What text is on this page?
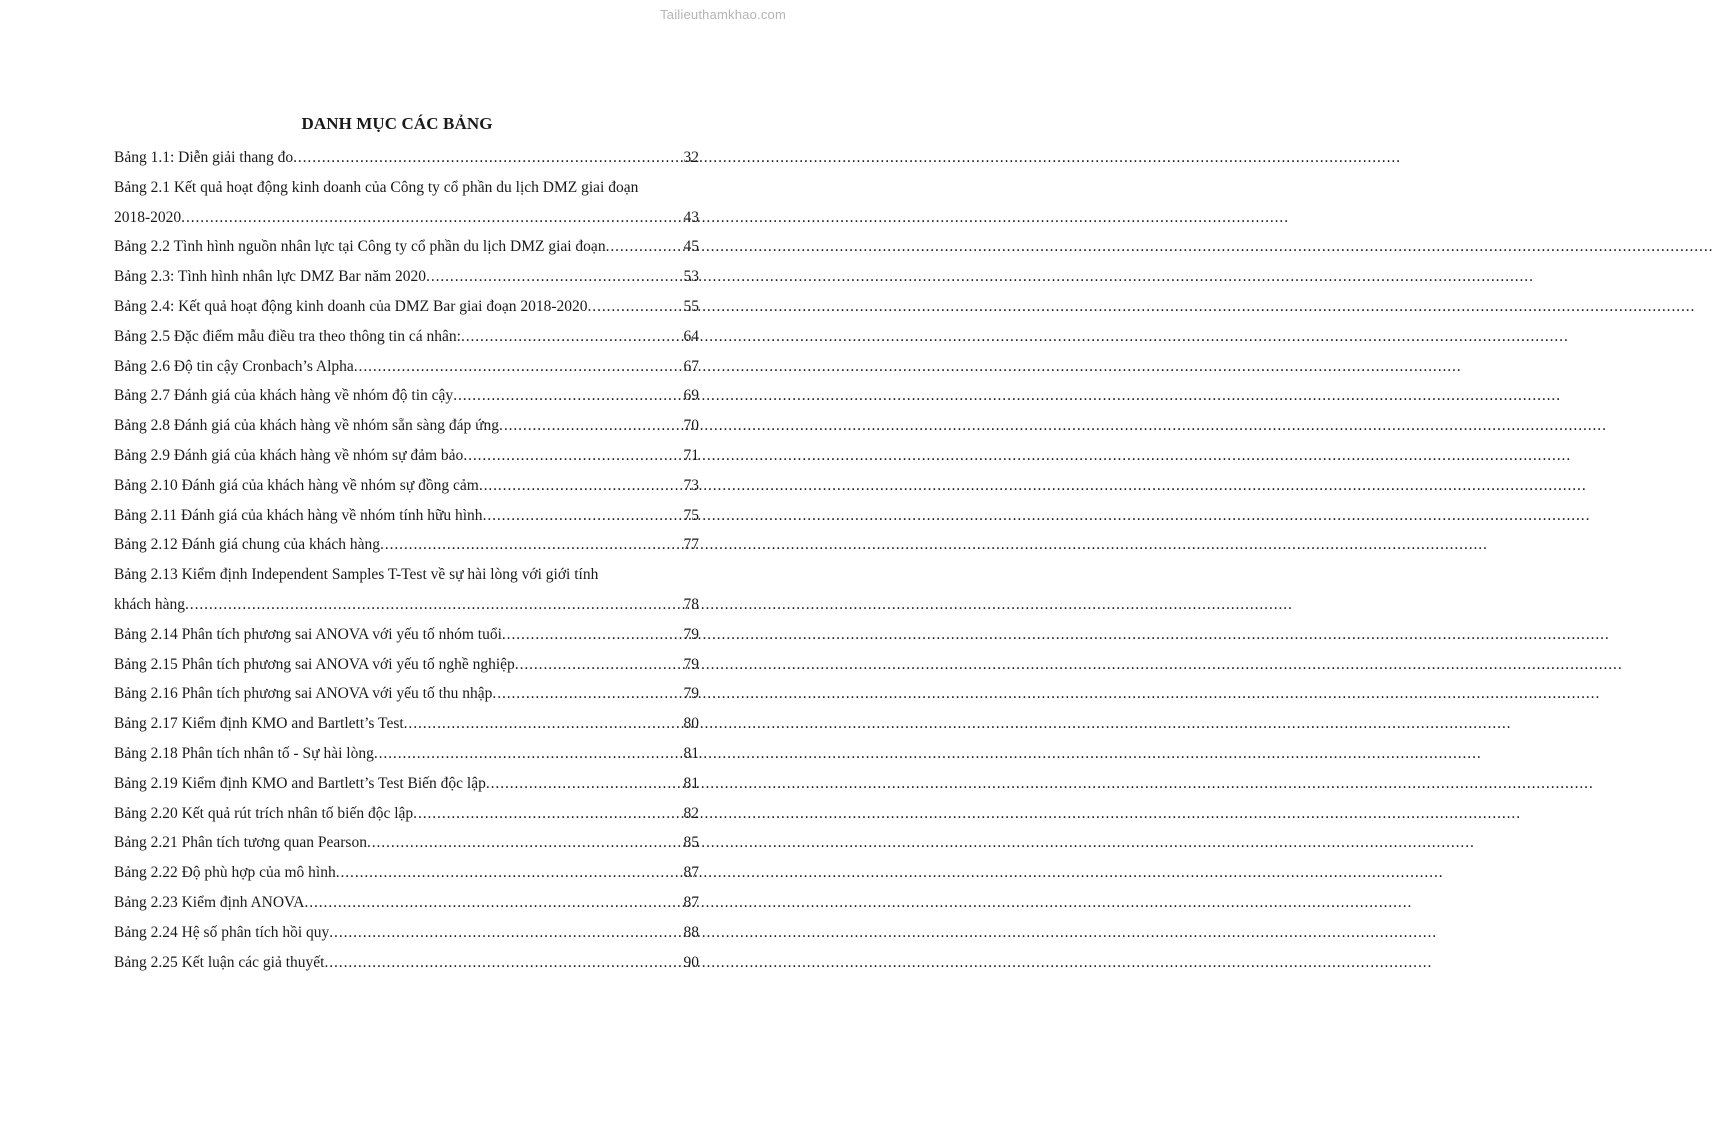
Tailieuthamkhao.com
DANH MỤC CÁC BẢNG
Bảng 1.1: Diễn giải thang đo .....	32
Bảng 2.1 Kết quả hoạt động kinh doanh của Công ty cổ phần du lịch DMZ giai đoạn
2018-2020 .....	43
Bảng 2.2 Tình hình nguồn nhân lực tại Công ty cổ phần du lịch DMZ giai đoạn .....	45
Bảng 2.3: Tình hình nhân lực DMZ Bar năm 2020 .....	53
Bảng 2.4: Kết quả hoạt động kinh doanh của DMZ Bar giai đoạn 2018-2020 .....	55
Bảng 2.5 Đặc điểm mẫu điều tra theo thông tin cá nhân: .....	64
Bảng 2.6 Độ tin cậy Cronbach’s Alpha .....	67
Bảng 2.7 Đánh giá của khách hàng về nhóm độ tin cậy .....	69
Bảng 2.8 Đánh giá của khách hàng về nhóm sẵn sàng đáp ứng .....	70
Bảng 2.9 Đánh giá của khách hàng về nhóm sự đảm bảo .....	71
Bảng 2.10 Đánh giá của khách hàng về nhóm sự đồng cảm .....	73
Bảng 2.11 Đánh giá của khách hàng về nhóm tính hữu hình .....	75
Bảng 2.12 Đánh giá chung của khách hàng .....	77
Bảng 2.13 Kiểm định Independent Samples T-Test về sự hài lòng với giới tính
khách hàng .....	78
Bảng 2.14 Phân tích phương sai ANOVA với yếu tố nhóm tuổi .....	79
Bảng 2.15 Phân tích phương sai ANOVA với yếu tố nghề nghiệp .....	79
Bảng 2.16 Phân tích phương sai ANOVA với yếu tố thu nhập .....	79
Bảng 2.17 Kiểm định KMO and Bartlett’s Test .....	80
Bảng 2.18 Phân tích nhân tố - Sự hài lòng .....	81
Bảng 2.19 Kiểm định KMO and Bartlett’s Test Biến độc lập .....	81
Bảng 2.20 Kết quả rút trích nhân tố biến độc lập .....	82
Bảng 2.21 Phân tích tương quan Pearson .....	85
Bảng 2.22 Độ phù hợp của mô hình .....	87
Bảng 2.23 Kiểm định ANOVA .....	87
Bảng 2.24 Hệ số phân tích hồi quy .....	88
Bảng 2.25 Kết luận các giả thuyết .....	90
